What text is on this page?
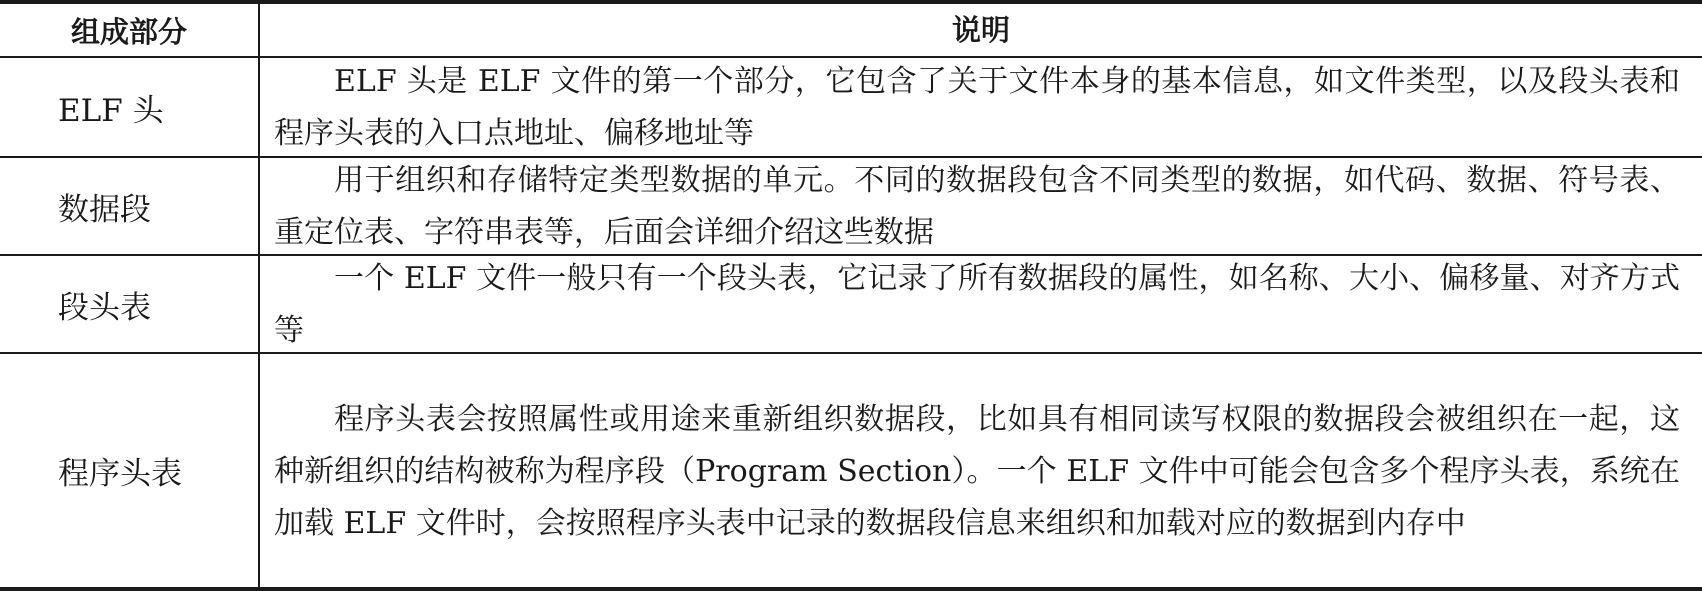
组成部分	说明
ELF 头
ELF 头是 ELF 文件的第一个部分，它包含了关于文件本身的基本信息，如文件类型，以及段头表和程序头表的入口点地址、偏移地址等
数据段
用于组织和存储特定类型数据的单元。不同的数据段包含不同类型的数据，如代码、数据、符号表、重定位表、字符串表等，后面会详细介绍这些数据
段头表
一个 ELF 文件一般只有一个段头表，它记录了所有数据段的属性，如名称、大小、偏移量、对齐方式等
程序头表
程序头表会按照属性或用途来重新组织数据段，比如具有相同读写权限的数据段会被组织在一起，这种新组织的结构被称为程序段（Program Section）。一个 ELF 文件中可能会包含多个程序头表，系统在加载 ELF 文件时，会按照程序头表中记录的数据段信息来组织和加载对应的数据到内存中
